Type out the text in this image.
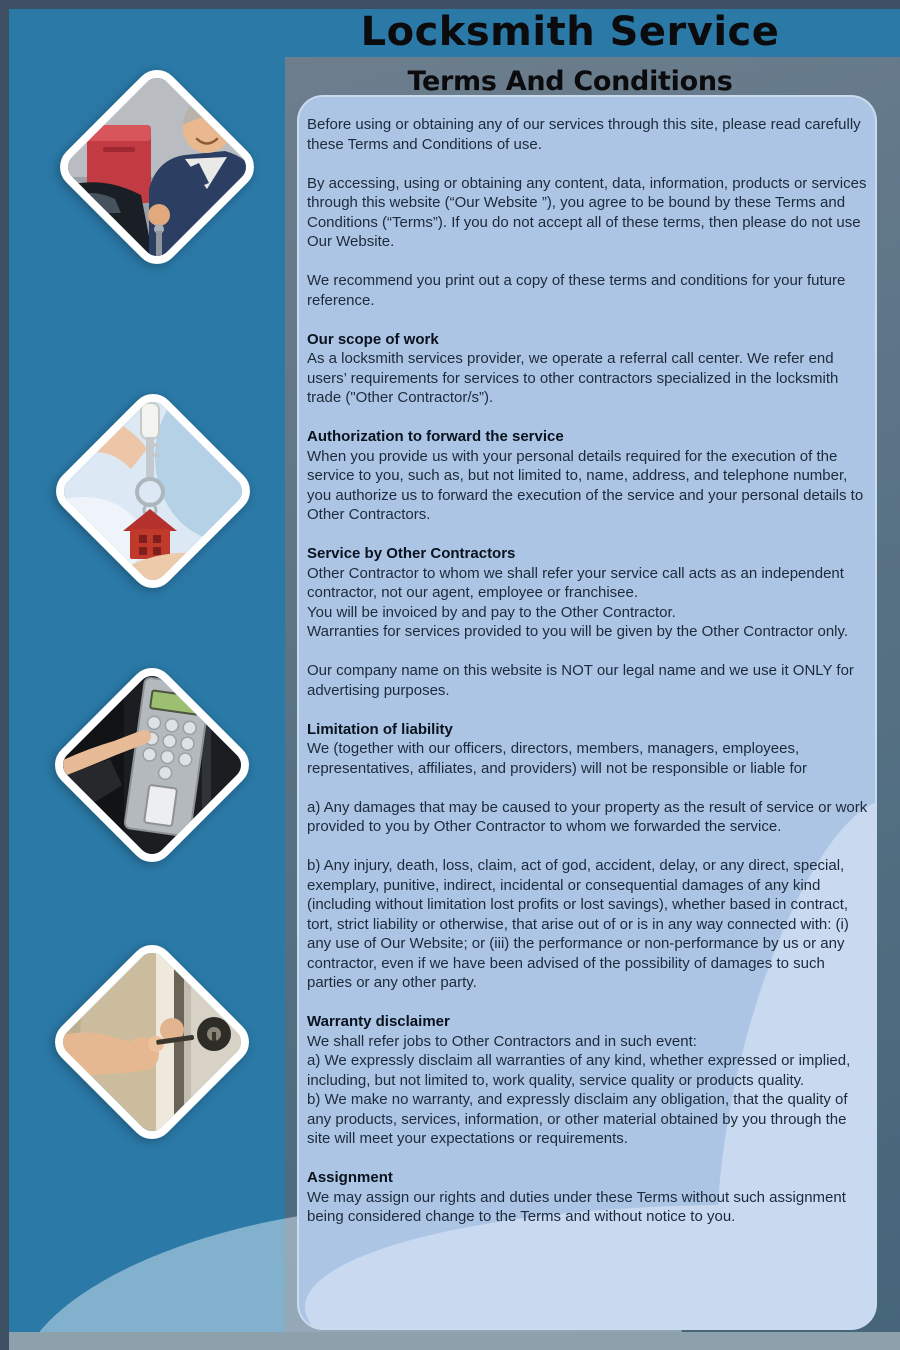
Before using or obtaining any of our services through this site, please read carefully these Terms and Conditions of use.

By accessing, using or obtaining any content, data, information, products or services through this website (“Our Website ”), you agree to be bound by these Terms and Conditions (“Terms”). If you do not accept all of these terms, then please do not use Our Website.

We recommend you print out a copy of these terms and conditions for your future reference.

Our scope of work

As a locksmith services provider, we operate a referral call center. We refer end users’ requirements for services to other contractors specialized in the locksmith trade ("Other Contractor/s”).

Authorization to forward the service

When you provide us with your personal details required for the execution of the service to you, such as, but not limited to, name, address, and telephone number, you authorize us to forward the execution of the service and your personal details to Other Contractors.

Service by Other Contractors

Other Contractor to whom we shall refer your service call acts as an independent contractor, not our agent, employee or franchisee.

You will be invoiced by and pay to the Other Contractor.

Warranties for services provided to you will be given by the Other Contractor only.

Our company name on this website is NOT our legal name and we use it ONLY for advertising purposes.

Limitation of liability

We (together with our officers, directors, members, managers, employees, representatives, affiliates, and providers) will not be responsible or liable for

a) Any damages that may be caused to your property as the result of service or work provided to you by Other Contractor to whom we forwarded the service.

b) Any injury, death, loss, claim, act of god, accident, delay, or any direct, special, exemplary, punitive, indirect, incidental or consequential damages of any kind (including without limitation lost profits or lost savings), whether based in contract, tort, strict liability or otherwise, that arise out of or is in any way connected with: (i) any use of Our Website; or (iii) the performance or non-performance by us or any contractor, even if we have been advised of the possibility of damages to such parties or any other party.

Warranty disclaimer

We shall refer jobs to Other Contractors and in such event:

a) We expressly disclaim all warranties of any kind, whether expressed or implied, including, but not limited to, work quality, service quality or products quality.

b) We make no warranty, and expressly disclaim any obligation, that the quality of any products, services, information, or other material obtained by you through the site will meet your expectations or requirements.

Assignment

We may assign our rights and duties under these Terms without such assignment being considered change to the Terms and without notice to you.

Locksmith Service
Terms And Conditions
